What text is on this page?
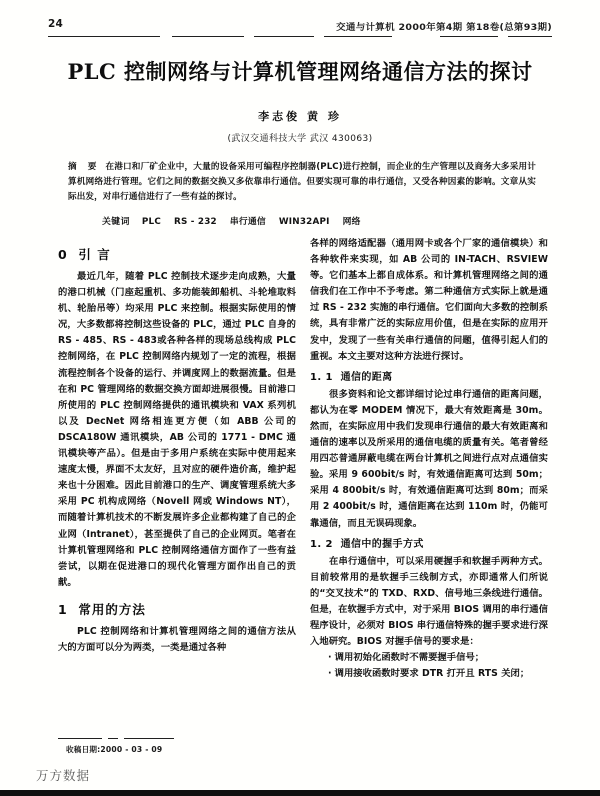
24	交通与计算机 2000年第4期 第18卷(总第93期)
PLC 控制网络与计算机管理网络通信方法的探讨
李志俊 黄 珍
(武汉交通科技大学 武汉 430063)
摘 要 在港口和厂矿企业中，大量的设备采用可编程序控制器(PLC)进行控制，而企业的生产管理以及商务大多采用计算机网络进行管理。它们之间的数据交换又多依靠串行通信。但要实现可靠的串行通信，又受各种因素的影响。文章从实际出发，对串行通信进行了一些有益的探讨。
关键词 PLC RS - 232 串行通信 WIN32API 网络
0 引 言

最近几年，随着 PLC 控制技术逐步走向成熟，大量的港口机械（门座起重机、多功能装卸船机、斗轮堆取料机、轮胎吊等）均采用 PLC 来控制。根据实际使用的情况，大多数都将控制这些设备的 PLC，通过 PLC 自身的 RS - 485、RS - 483或各种各样的现场总线构成 PLC 控制网络，在 PLC 控制网络内规划了一定的流程，根据流程控制各个设备的运行、并调度网上的数据流量。但是在和 PC 管理网络的数据交换方面却进展很慢。目前港口所使用的 PLC 控制网络提供的通讯模块和 VAX 系列机以及 DecNet 网络相连更方便（如 ABB 公司的 DSCA180W 通讯模块，AB 公司的 1771 - DMC 通讯模块等产品）。但是由于多用户系统在实际中使用起来速度太慢，界面不太友好，且对应的硬件造价高，维护起来也十分困难。因此目前港口的生产、调度管理系统大多采用 PC 机构成网络（Novell 网或 Windows NT），而随着计算机技术的不断发展许多企业都构建了自己的企业网（Intranet），甚至提供了自己的企业网页。笔者在计算机管理网络和 PLC 控制网络通信方面作了一些有益尝试，以期在促进港口的现代化管理方面作出自己的贡献。

1 常用的方法

PLC 控制网络和计算机管理网络之间的通信方法从大的方面可以分为两类，一类是通过各种

各样的网络适配器（通用网卡或各个厂家的通信模块）和各种软件来实现，如 AB 公司的 IN-TACH、RSVIEW 等。它们基本上都自成体系。和计算机管理网络之间的通信我们在工作中不予考虑。第二种通信方式实际上就是通过 RS - 232 实施的串行通信。它们面向大多数的控制系统，具有非常广泛的实际应用价值，但是在实际的应用开发中，发现了一些有关串行通信的问题，值得引起人们的重视。本文主要对这种方法进行探讨。

1. 1 通信的距离

很多资料和论文都详细讨论过串行通信的距离问题，都认为在零 MODEM 情况下，最大有效距离是 30m。然而，在实际应用中我们发现串行通信的最大有效距离和通信的速率以及所采用的通信电缆的质量有关。笔者曾经用四芯普通屏蔽电缆在两台计算机之间进行点对点通信实验。采用 9 600bit/s 时，有效通信距离可达到 50m；采用 4 800bit/s 时，有效通信距离可达到 80m；而采用 2 400bit/s 时，通信距离在达到 110m 时，仍能可靠通信，而且无误码现象。

1. 2 通信中的握手方式

在串行通信中，可以采用硬握手和软握手两种方式。目前较常用的是软握手三线制方式，亦即通常人们所说的“交叉技术”的 TXD、RXD、信号地三条线进行通信。但是，在软握手方式中，对于采用 BIOS 调用的串行通信程序设计，必须对 BIOS 串行通信特殊的握手要求进行深入地研究。BIOS 对握手信号的要求是：

· 调用初始化函数时不需要握手信号；
· 调用接收函数时要求 DTR 打开且 RTS 关闭；
收稿日期:2000 - 03 - 09
万方数据
